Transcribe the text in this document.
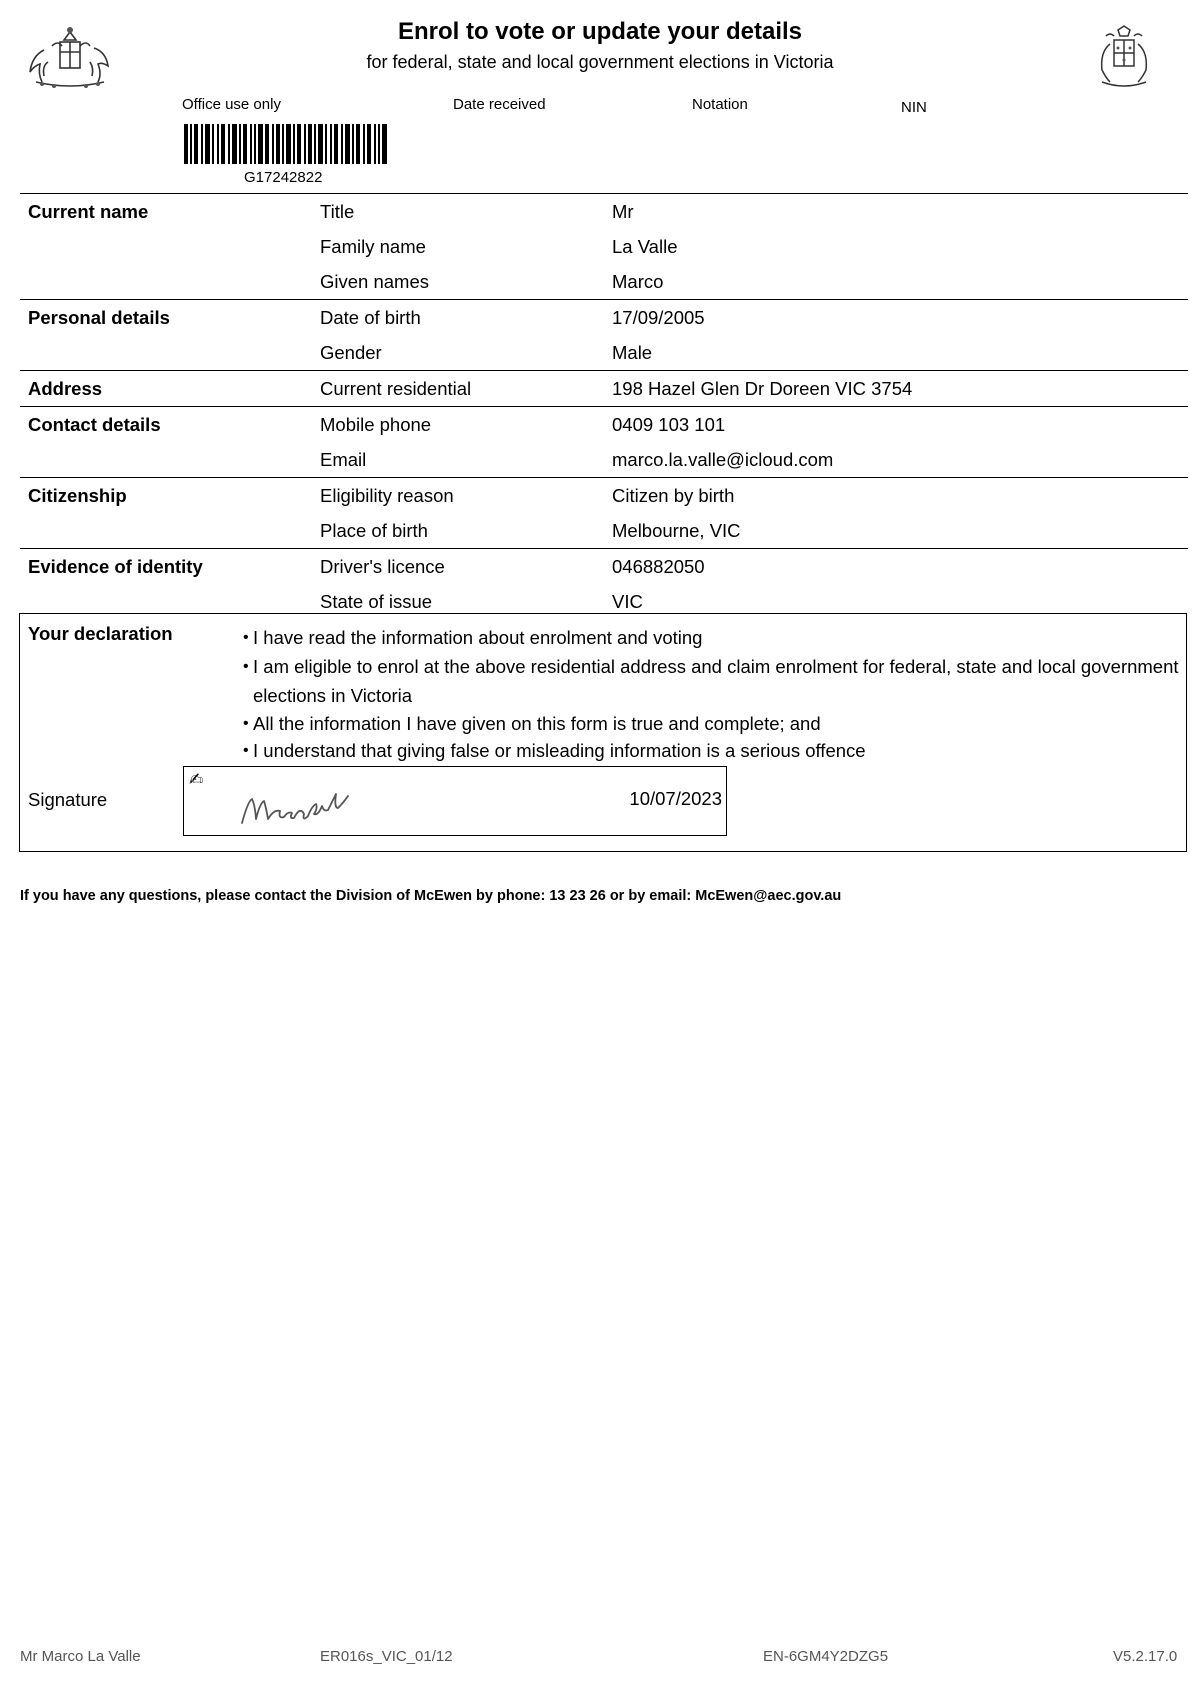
Enrol to vote or update your details
for federal, state and local government elections in Victoria
Office use only	Date received	Notation	NIN
G17242822
Current name	Title	Mr
	Family name	La Valle
	Given names	Marco
Personal details	Date of birth	17/09/2005
	Gender	Male
Address	Current residential	198 Hazel Glen Dr Doreen VIC 3754
Contact details	Mobile phone	0409 103 101
	Email	marco.la.valle@icloud.com
Citizenship	Eligibility reason	Citizen by birth
	Place of birth	Melbourne, VIC
Evidence of identity	Driver's licence	046882050
	State of issue	VIC
Your declaration	• I have read the information about enrolment and voting
• I am eligible to enrol at the above residential address and claim enrolment for federal, state and local government elections in Victoria
• All the information I have given on this form is true and complete; and
• I understand that giving false or misleading information is a serious offence
Signature
✍
10/07/2023
If you have any questions, please contact the Division of McEwen by phone: 13 23 26 or by email: McEwen@aec.gov.au
Mr Marco La Valle	ER016s_VIC_01/12	EN-6GM4Y2DZG5	V5.2.17.0
